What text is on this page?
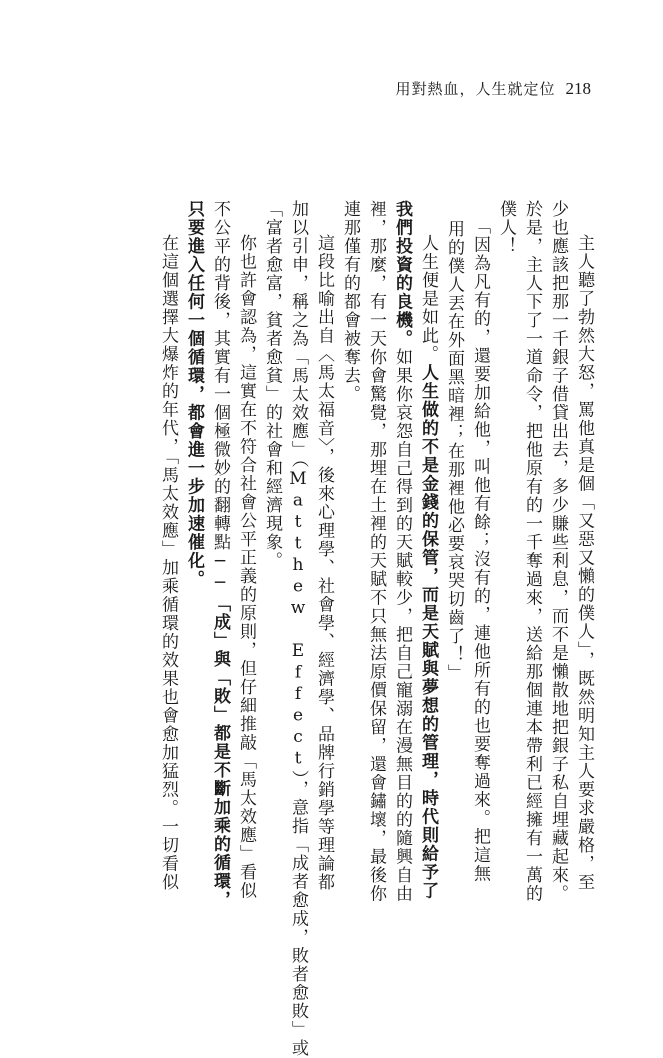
用對熱血，人生就定位 218
主人聽了勃然大怒，罵他真是個「又惡又懶的僕人」，既然明知主人要求嚴格，至
少也應該把那一千銀子借貸出去，多少賺些利息，而不是懶散地把銀子私自埋藏起來。
於是，主人下了一道命令，把他原有的一千奪過來，送給那個連本帶利已經擁有一萬的
僕人！
「因為凡有的，還要加給他，叫他有餘；沒有的，連他所有的也要奪過來。把這無
用的僕人丟在外面黑暗裡；在那裡他必要哀哭切齒了！」
人生便是如此。人生做的不是金錢的保管，而是天賦與夢想的管理，時代則給予了
我們投資的良機。如果你哀怨自己得到的天賦較少，把自己寵溺在漫無目的的隨興自由
裡，那麼，有一天你會驚覺，那埋在土裡的天賦不只無法原價保留，還會鏽壞，最後你
連那僅有的都會被奪去。
這段比喻出自〈馬太福音〉，後來心理學、社會學、經濟學、品牌行銷學等理論都
加以引申，稱之為「馬太效應」（Matthew Effect），意指「成者愈成，敗者愈敗」或
「富者愈富，貧者愈貧」的社會和經濟現象。
你也許會認為，這實在不符合社會公平正義的原則，但仔細推敲「馬太效應」看似
不公平的背後，其實有一個極微妙的翻轉點──「成」與「敗」都是不斷加乘的循環，
只要進入任何一個循環，都會進一步加速催化。
在這個選擇大爆炸的年代，「馬太效應」加乘循環的效果也會愈加猛烈。一切看似
